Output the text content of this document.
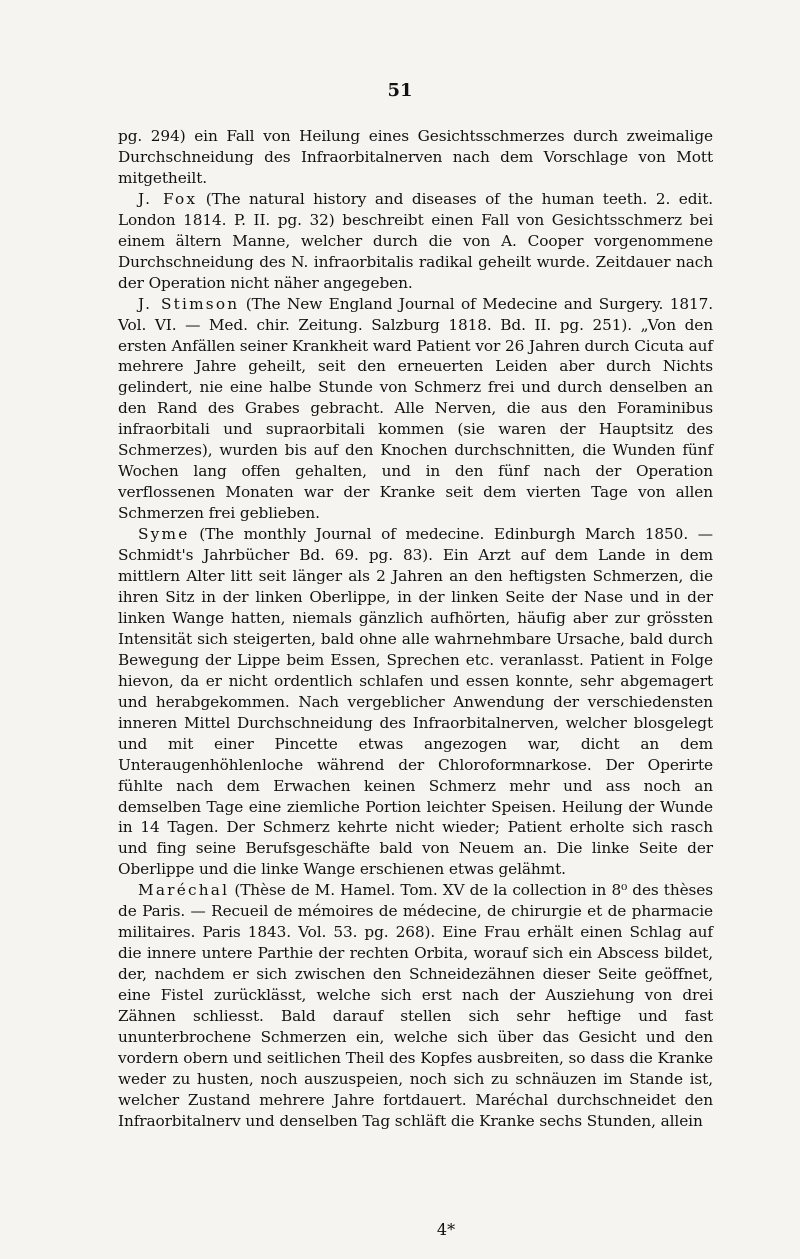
51

pg. 294) ein Fall von Heilung eines Gesichtsschmerzes durch zweimalige Durchschneidung des Infraorbitalnerven nach dem Vorschlage von Mott mitgetheilt.

J. Fox (The natural history and diseases of the human teeth. 2. edit. London 1814. P. II. pg. 32) beschreibt einen Fall von Gesichtsschmerz bei einem ältern Manne, welcher durch die von A. Cooper vorgenommene Durchschneidung des N. infraorbitalis radikal geheilt wurde. Zeitdauer nach der Operation nicht näher angegeben.

J. Stimson (The New England Journal of Medecine and Surgery. 1817. Vol. VI. — Med. chir. Zeitung. Salzburg 1818. Bd. II. pg. 251). „Von den ersten Anfällen seiner Krankheit ward Patient vor 26 Jahren durch Cicuta auf mehrere Jahre geheilt, seit den erneuerten Leiden aber durch Nichts gelindert, nie eine halbe Stunde von Schmerz frei und durch denselben an den Rand des Grabes gebracht. Alle Nerven, die aus den Foraminibus infraorbitali und supraorbitali kommen (sie waren der Hauptsitz des Schmerzes), wurden bis auf den Knochen durchschnitten, die Wunden fünf Wochen lang offen gehalten, und in den fünf nach der Operation verflossenen Monaten war der Kranke seit dem vierten Tage von allen Schmerzen frei geblieben.

Syme (The monthly Journal of medecine. Edinburgh March 1850. — Schmidt's Jahrbücher Bd. 69. pg. 83). Ein Arzt auf dem Lande in dem mittlern Alter litt seit länger als 2 Jahren an den heftigsten Schmerzen, die ihren Sitz in der linken Oberlippe, in der linken Seite der Nase und in der linken Wange hatten, niemals gänzlich aufhörten, häufig aber zur grössten Intensität sich steigerten, bald ohne alle wahrnehmbare Ursache, bald durch Bewegung der Lippe beim Essen, Sprechen etc. veranlasst. Patient in Folge hievon, da er nicht ordentlich schlafen und essen konnte, sehr abgemagert und herabgekommen. Nach vergeblicher Anwendung der verschiedensten inneren Mittel Durchschneidung des Infraorbitalnerven, welcher blosgelegt und mit einer Pincette etwas angezogen war, dicht an dem Unteraugenhöhlenloche während der Chloroformnarkose. Der Operirte fühlte nach dem Erwachen keinen Schmerz mehr und ass noch an demselben Tage eine ziemliche Portion leichter Speisen. Heilung der Wunde in 14 Tagen. Der Schmerz kehrte nicht wieder; Patient erholte sich rasch und fing seine Berufsgeschäfte bald von Neuem an. Die linke Seite der Oberlippe und die linke Wange erschienen etwas gelähmt.

Maréchal (Thèse de M. Hamel. Tom. XV de la collection in 8⁰ des thèses de Paris. — Recueil de mémoires de médecine, de chirurgie et de pharmacie militaires. Paris 1843. Vol. 53. pg. 268). Eine Frau erhält einen Schlag auf die innere untere Parthie der rechten Orbita, worauf sich ein Abscess bildet, der, nachdem er sich zwischen den Schneidezähnen dieser Seite geöffnet, eine Fistel zurücklässt, welche sich erst nach der Ausziehung von drei Zähnen schliesst. Bald darauf stellen sich sehr heftige und fast ununterbrochene Schmerzen ein, welche sich über das Gesicht und den vordern obern und seitlichen Theil des Kopfes ausbreiten, so dass die Kranke weder zu husten, noch auszuspeien, noch sich zu schnäuzen im Stande ist, welcher Zustand mehrere Jahre fortdauert. Maréchal durchschneidet den Infraorbitalnerv und denselben Tag schläft die Kranke sechs Stunden, allein

4*
